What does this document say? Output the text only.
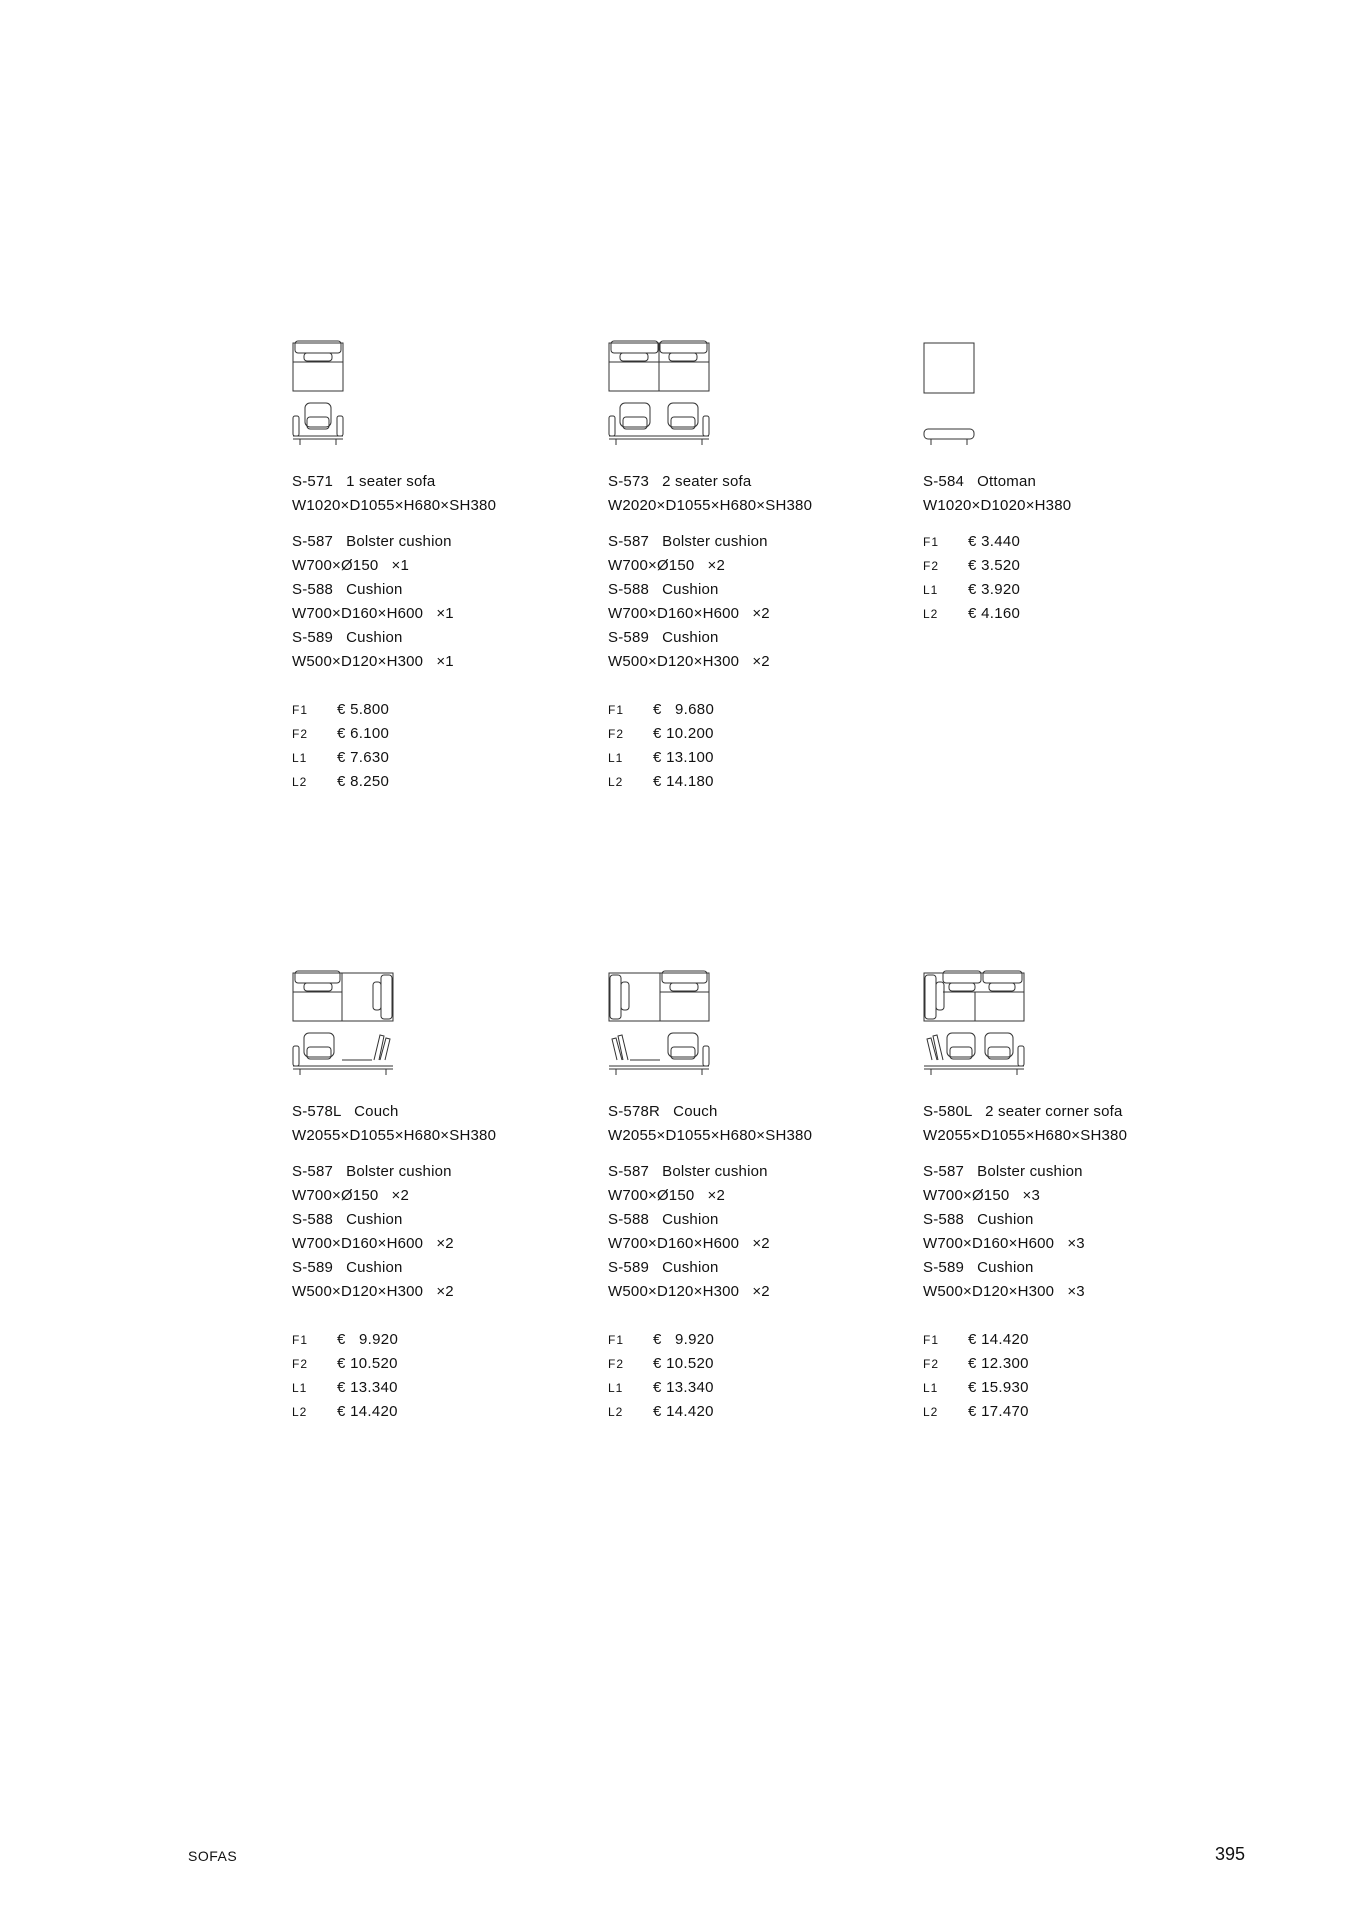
S-571 1 seater sofa
W1020×D1055×H680×SH380
S-587 Bolster cushion
W700×Ø150   ×1
S-588 Cushion
W700×D160×H600   ×1
S-589 Cushion
W500×D120×H300   ×1
F1	€ 5.800
F2	€ 6.100
L1	€ 7.630
L2	€ 8.250
S-573 2 seater sofa
W2020×D1055×H680×SH380
S-587 Bolster cushion
W700×Ø150   ×2
S-588 Cushion
W700×D160×H600   ×2
S-589 Cushion
W500×D120×H300   ×2
F1	€   9.680
F2	€ 10.200
L1	€ 13.100
L2	€ 14.180
S-584 Ottoman
W1020×D1020×H380
F1	€ 3.440
F2	€ 3.520
L1	€ 3.920
L2	€ 4.160
S-578L Couch
W2055×D1055×H680×SH380
S-587 Bolster cushion
W700×Ø150   ×2
S-588 Cushion
W700×D160×H600   ×2
S-589 Cushion
W500×D120×H300   ×2
F1	€   9.920
F2	€ 10.520
L1	€ 13.340
L2	€ 14.420
S-578R Couch
W2055×D1055×H680×SH380
S-587 Bolster cushion
W700×Ø150   ×2
S-588 Cushion
W700×D160×H600   ×2
S-589 Cushion
W500×D120×H300   ×2
F1	€   9.920
F2	€ 10.520
L1	€ 13.340
L2	€ 14.420
S-580L 2 seater corner sofa
W2055×D1055×H680×SH380
S-587 Bolster cushion
W700×Ø150   ×3
S-588 Cushion
W700×D160×H600   ×3
S-589 Cushion
W500×D120×H300   ×3
F1	€ 14.420
F2	€ 12.300
L1	€ 15.930
L2	€ 17.470
SOFAS	395
